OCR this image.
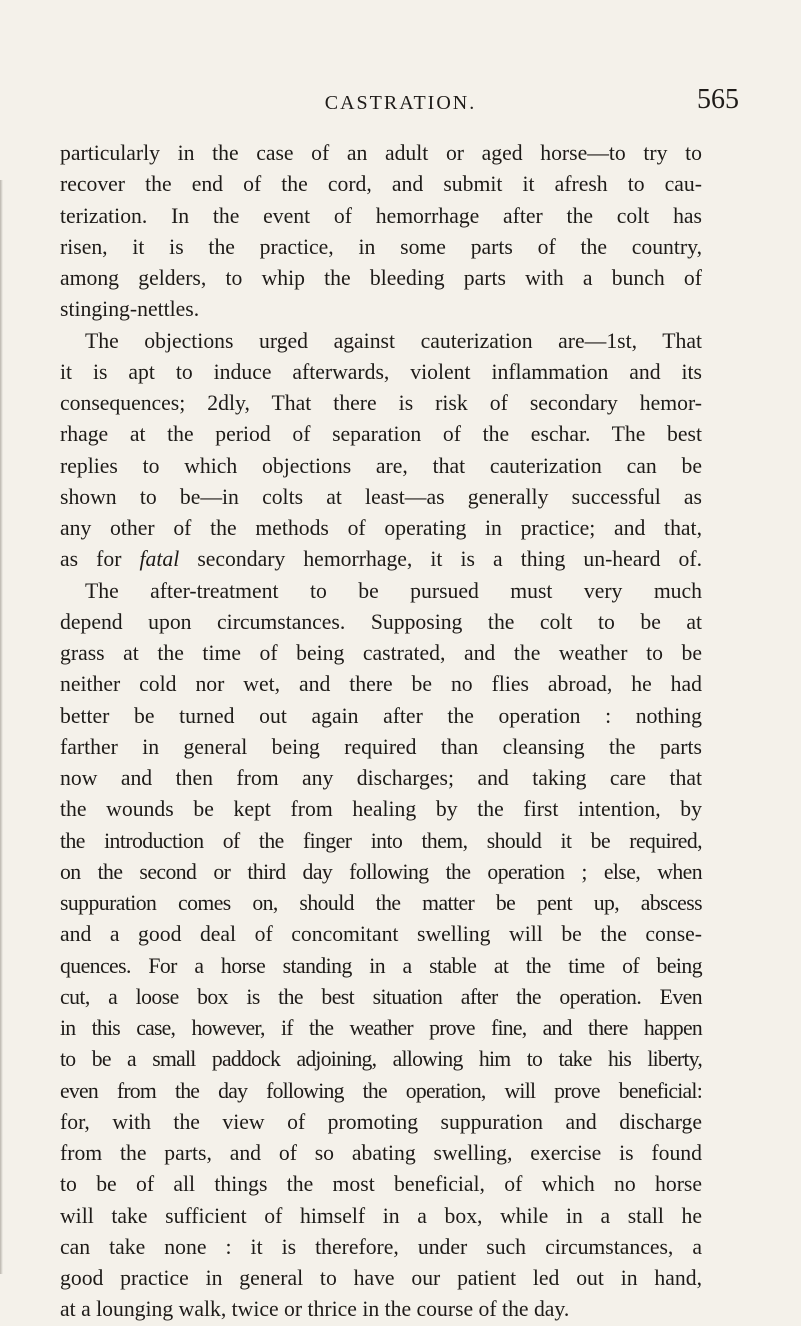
CASTRATION.	565
particularly in the case of an adult or aged horse—to try to
recover the end of the cord, and submit it afresh to cau-
terization. In the event of hemorrhage after the colt has
risen, it is the practice, in some parts of the country,
among gelders, to whip the bleeding parts with a bunch of
stinging-nettles.
The objections urged against cauterization are—1st, That
it is apt to induce afterwards, violent inflammation and its
consequences; 2dly, That there is risk of secondary hemor-
rhage at the period of separation of the eschar. The best
replies to which objections are, that cauterization can be
shown to be—in colts at least—as generally successful as
any other of the methods of operating in practice; and that,
as for fatal secondary hemorrhage, it is a thing un-heard of.
The after-treatment to be pursued must very much
depend upon circumstances. Supposing the colt to be at
grass at the time of being castrated, and the weather to be
neither cold nor wet, and there be no flies abroad, he had
better be turned out again after the operation : nothing
farther in general being required than cleansing the parts
now and then from any discharges; and taking care that
the wounds be kept from healing by the first intention, by
the introduction of the finger into them, should it be required,
on the second or third day following the operation ; else, when
suppuration comes on, should the matter be pent up, abscess
and a good deal of concomitant swelling will be the conse-
quences. For a horse standing in a stable at the time of being
cut, a loose box is the best situation after the operation. Even
in this case, however, if the weather prove fine, and there happen
to be a small paddock adjoining, allowing him to take his liberty,
even from the day following the operation, will prove beneficial:
for, with the view of promoting suppuration and discharge
from the parts, and of so abating swelling, exercise is found
to be of all things the most beneficial, of which no horse
will take sufficient of himself in a box, while in a stall he
can take none : it is therefore, under such circumstances, a
good practice in general to have our patient led out in hand,
at a lounging walk, twice or thrice in the course of the day.
